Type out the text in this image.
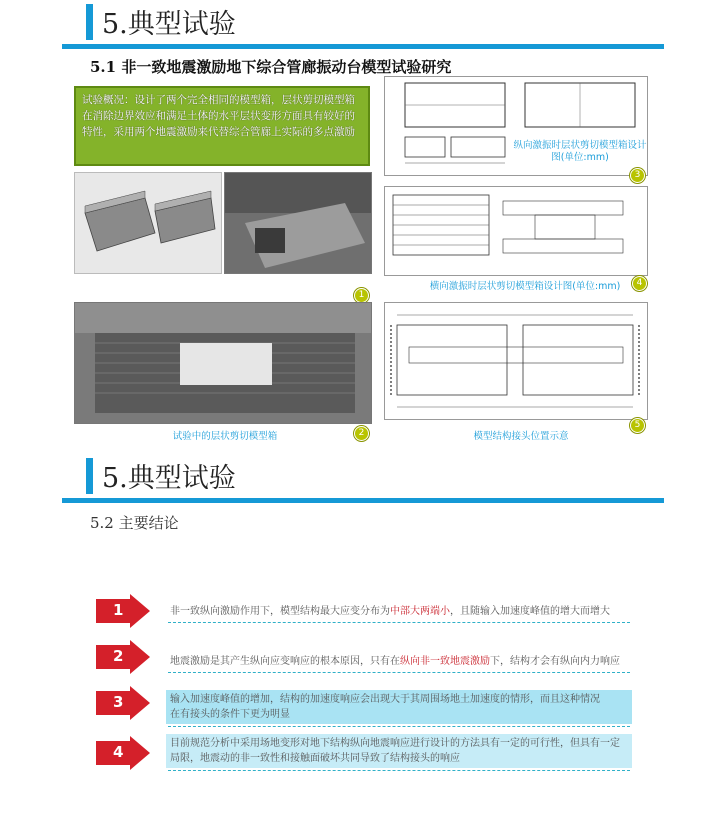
5.典型试验
5.1 非一致地震激励地下综合管廊振动台模型试验研究
试验概况：设计了两个完全相同的模型箱，层状剪切模型箱在消除边界效应和满足土体的水平层状变形方面具有较好的特性，采用两个地震激励来代替综合管廊上实际的多点激励
纵向激振时层状剪切模型箱设计图(单位:mm)
3
1
横向激振时层状剪切模型箱设计图(单位:mm)	4
试验中的层状剪切模型箱	2	模型结构接头位置示意
5
5.典型试验
5.2 主要结论
1	非一致纵向激励作用下，模型结构最大应变分布为中部大两端小，且随输入加速度峰值的增大而增大
2	地震激励是其产生纵向应变响应的根本原因，只有在纵向非一致地震激励下，结构才会有纵向内力响应
3	输入加速度峰值的增加，结构的加速度响应会出现大于其周围场地土加速度的情形，而且这种情况
在有接头的条件下更为明显
4	目前规范分析中采用场地变形对地下结构纵向地震响应进行设计的方法具有一定的可行性，但具有一定
局限，地震动的非一致性和接触面破坏共同导致了结构接头的响应
